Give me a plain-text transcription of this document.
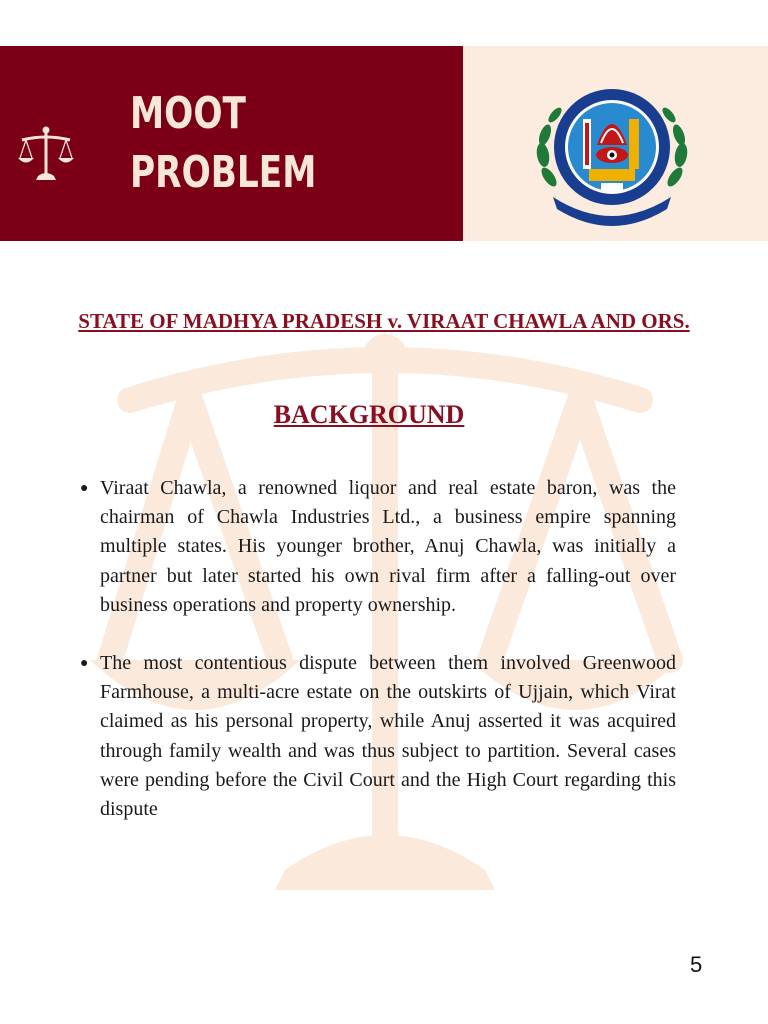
MOOT
PROBLEM
STATE OF MADHYA PRADESH v. VIRAAT CHAWLA AND ORS.
BACKGROUND
● Viraat Chawla, a renowned liquor and real estate baron, was the chairman of Chawla Industries Ltd., a business empire spanning multiple states. His younger brother, Anuj Chawla, was initially a partner but later started his own rival firm after a falling-out over business operations and property ownership.
● The most contentious dispute between them involved Greenwood Farmhouse, a multi-acre estate on the outskirts of Ujjain, which Virat claimed as his personal property, while Anuj asserted it was acquired through family wealth and was thus subject to partition. Several cases were pending before the Civil Court and the High Court regarding this dispute
5
